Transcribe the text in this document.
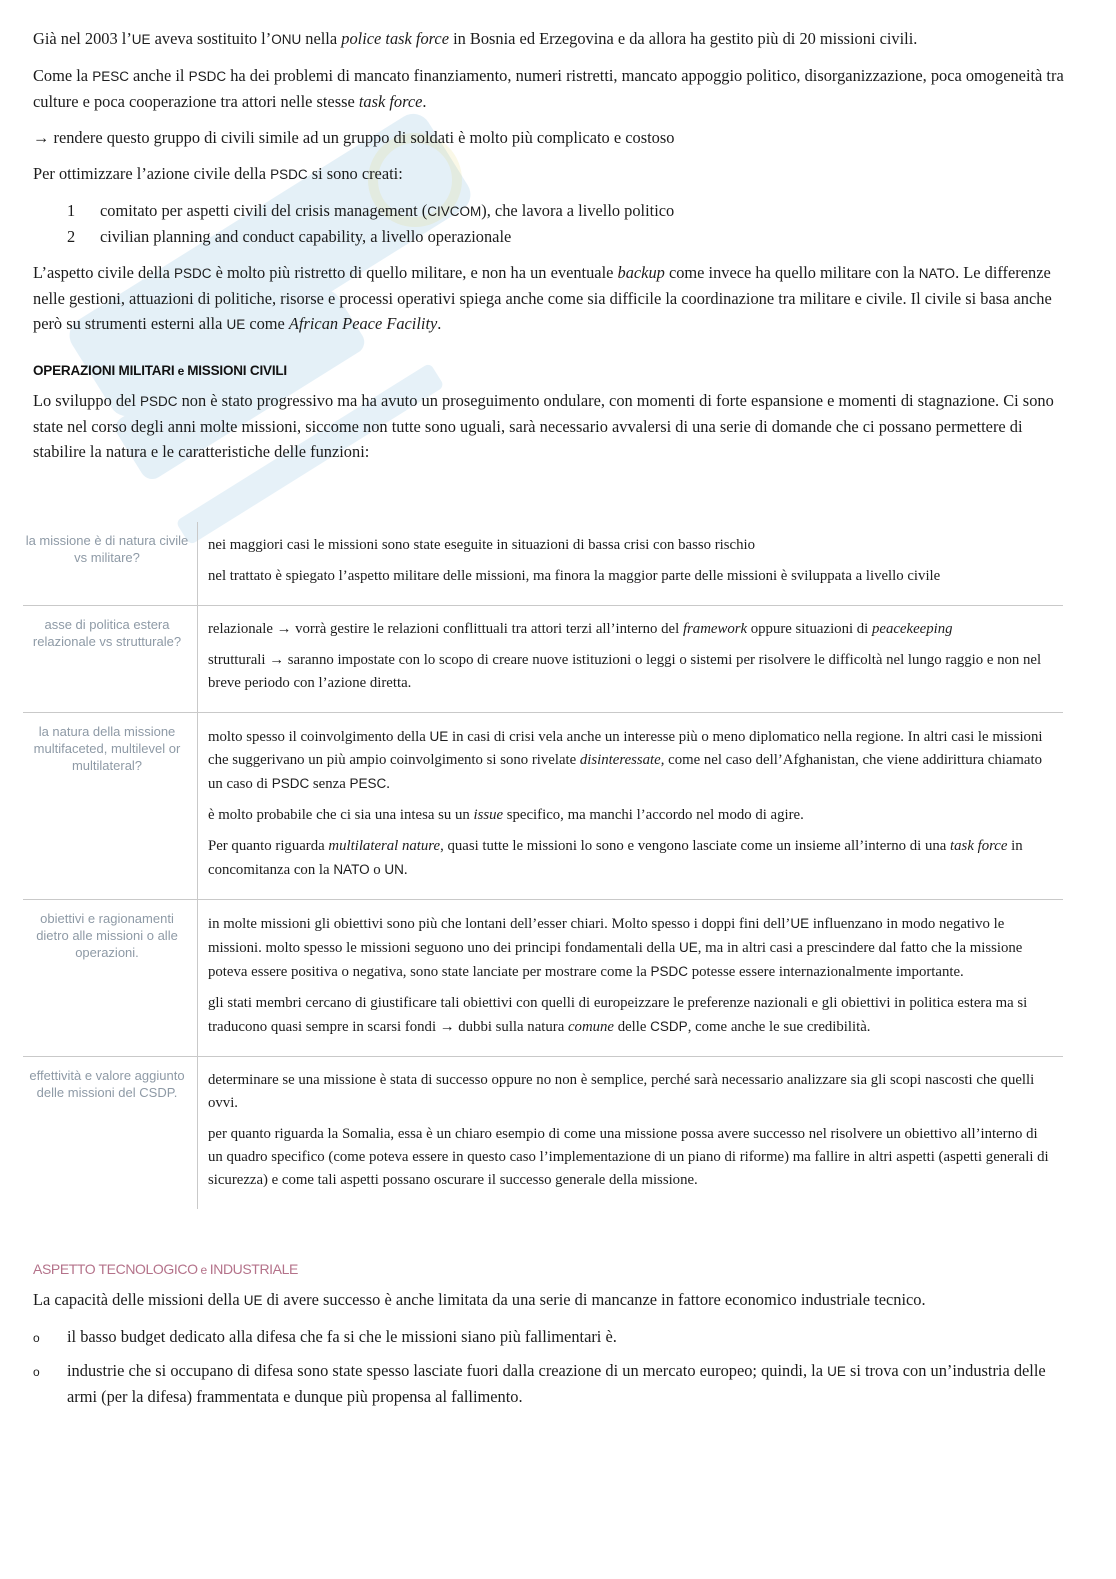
Già nel 2003 l’UE aveva sostituito l’ONU nella police task force in Bosnia ed Erzegovina e da allora ha gestito più di 20 missioni civili.

Come la PESC anche il PSDC ha dei problemi di mancato finanziamento, numeri ristretti, mancato appoggio politico, disorganizzazione, poca omogeneità tra culture e poca cooperazione tra attori nelle stesse task force.

→ rendere questo gruppo di civili simile ad un gruppo di soldati è molto più complicato e costoso

Per ottimizzare l’azione civile della PSDC si sono creati:

1	comitato per aspetti civili del crisis management (CIVCOM), che lavora a livello politico
2	civilian planning and conduct capability, a livello operazionale

L’aspetto civile della PSDC è molto più ristretto di quello militare, e non ha un eventuale backup come invece ha quello militare con la NATO. Le differenze nelle gestioni, attuazioni di politiche, risorse e processi operativi spiega anche come sia difficile la coordinazione tra militare e civile. Il civile si basa anche però su strumenti esterni alla UE come African Peace Facility.

OPERAZIONI MILITARI e MISSIONI CIVILI

Lo sviluppo del PSDC non è stato progressivo ma ha avuto un proseguimento ondulare, con momenti di forte espansione e momenti di stagnazione. Ci sono state nel corso degli anni molte missioni, siccome non tutte sono uguali, sarà necessario avvalersi di una serie di domande che ci possano permettere di stabilire la natura e le caratteristiche delle funzioni:

la missione è di natura civile vs militare?	nei maggiori casi le missioni sono state eseguite in situazioni di bassa crisi con basso rischio

nel trattato è spiegato l’aspetto militare delle missioni, ma finora la maggior parte delle missioni è sviluppata a livello civile

asse di politica estera relazionale vs strutturale?	relazionale → vorrà gestire le relazioni conflittuali tra attori terzi all’interno del framework oppure situazioni di peacekeeping

strutturali → saranno impostate con lo scopo di creare nuove istituzioni o leggi o sistemi per risolvere le difficoltà nel lungo raggio e non nel breve periodo con l’azione diretta.

la natura della missione multifaceted, multilevel or multilateral?	molto spesso il coinvolgimento della UE in casi di crisi vela anche un interesse più o meno diplomatico nella regione. In altri casi le missioni che suggerivano un più ampio coinvolgimento si sono rivelate disinteressate, come nel caso dell’Afghanistan, che viene addirittura chiamato un caso di PSDC senza PESC.

è molto probabile che ci sia una intesa su un issue specifico, ma manchi l’accordo nel modo di agire.

Per quanto riguarda multilateral nature, quasi tutte le missioni lo sono e vengono lasciate come un insieme all’interno di una task force in concomitanza con la NATO o UN.

obiettivi e ragionamenti dietro alle missioni o alle operazioni.	in molte missioni gli obiettivi sono più che lontani dell’esser chiari. Molto spesso i doppi fini dell’UE influenzano in modo negativo le missioni. molto spesso le missioni seguono uno dei principi fondamentali della UE, ma in altri casi a prescindere dal fatto che la missione poteva essere positiva o negativa, sono state lanciate per mostrare come la PSDC potesse essere internazionalmente importante.

gli stati membri cercano di giustificare tali obiettivi con quelli di europeizzare le preferenze nazionali e gli obiettivi in politica estera ma si traducono quasi sempre in scarsi fondi → dubbi sulla natura comune delle CSDP, come anche le sue credibilità.

effettività e valore aggiunto delle missioni del CSDP.	determinare se una missione è stata di successo oppure no non è semplice, perché sarà necessario analizzare sia gli scopi nascosti che quelli ovvi.

per quanto riguarda la Somalia, essa è un chiaro esempio di come una missione possa avere successo nel risolvere un obiettivo all’interno di un quadro specifico (come poteva essere in questo caso l’implementazione di un piano di riforme) ma fallire in altri aspetti (aspetti generali di sicurezza) e come tali aspetti possano oscurare il successo generale della missione.

ASPETTO TECNOLOGICO e INDUSTRIALE

La capacità delle missioni della UE di avere successo è anche limitata da una serie di mancanze in fattore economico industriale tecnico.

o	il basso budget dedicato alla difesa che fa si che le missioni siano più fallimentari è.
o	industrie che si occupano di difesa sono state spesso lasciate fuori dalla creazione di un mercato europeo; quindi, la UE si trova con un’industria delle armi (per la difesa) frammentata e dunque più propensa al fallimento.
